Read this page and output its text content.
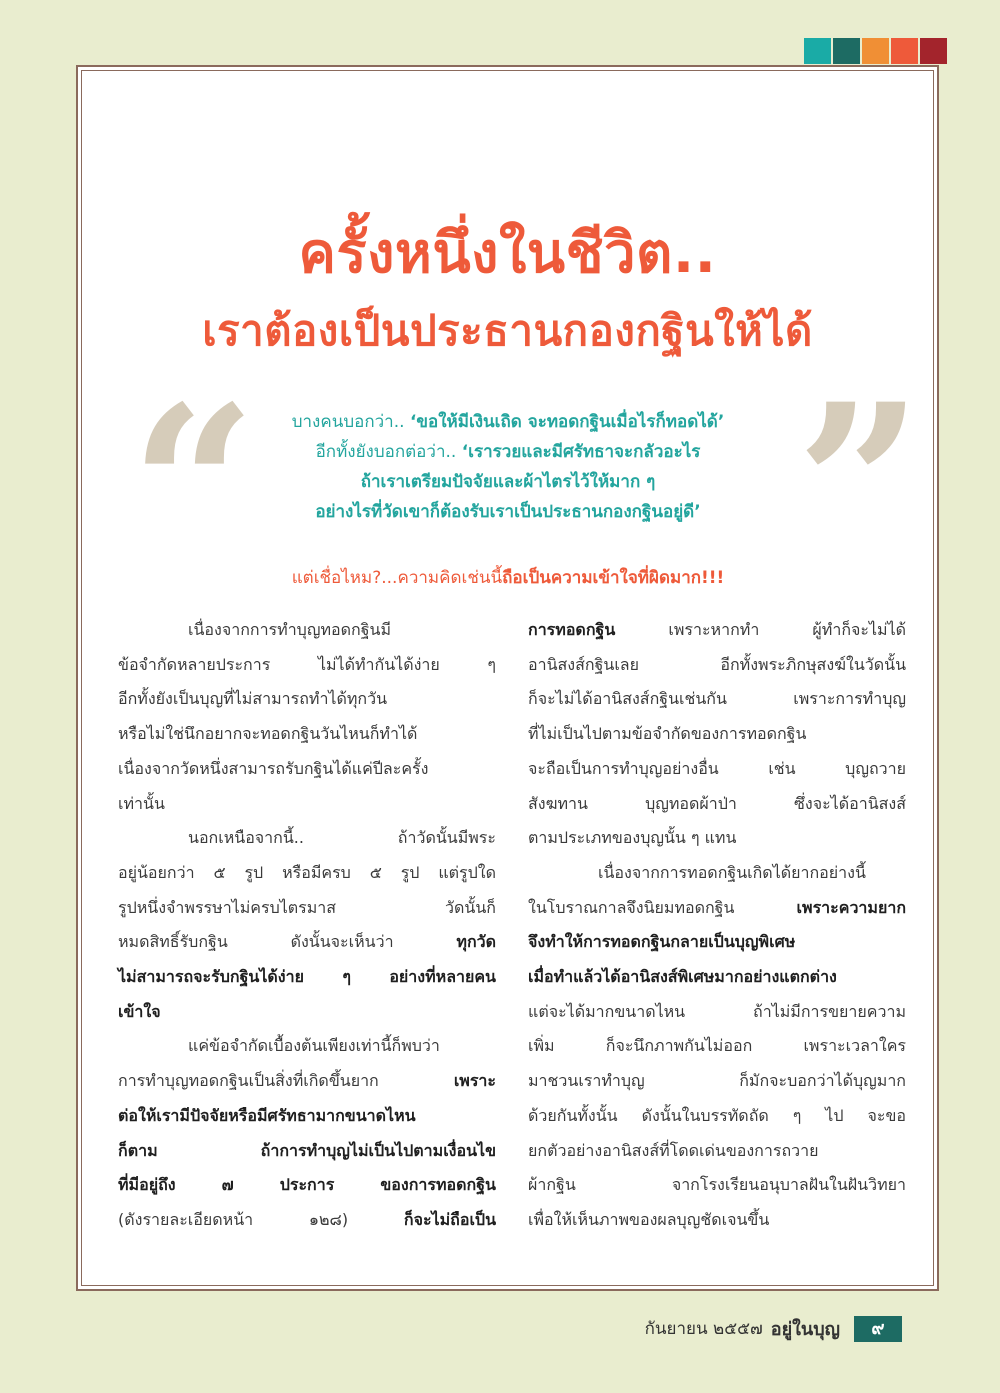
ครั้งหนึ่งในชีวิต..
เราต้องเป็นประธานกองกฐินให้ได้
“ ”

บางคนบอกว่า.. ‘ขอให้มีเงินเถิด จะทอดกฐินเมื่อไรก็ทอดได้’

อีกทั้งยังบอกต่อว่า.. ‘เรารวยและมีศรัทธาจะกลัวอะไร

ถ้าเราเตรียมปัจจัยและผ้าไตรไว้ให้มาก ๆ

อย่างไรที่วัดเขาก็ต้องรับเราเป็นประธานกองกฐินอยู่ดี’

แต่เชื่อไหม?...ความคิดเช่นนี้ถือเป็นความเข้าใจที่ผิดมาก!!!

เนื่องจากการทำบุญทอดกฐินมี
ข้อจำกัดหลายประการ ไม่ได้ทำกันได้ง่าย ๆ
อีกทั้งยังเป็นบุญที่ไม่สามารถทำได้ทุกวัน
หรือไม่ใช่นึกอยากจะทอดกฐินวันไหนก็ทำได้
เนื่องจากวัดหนึ่งสามารถรับกฐินได้แค่ปีละครั้ง
เท่านั้น

นอกเหนือจากนี้.. ถ้าวัดนั้นมีพระ
อยู่น้อยกว่า ๕ รูป หรือมีครบ ๕ รูป แต่รูปใด
รูปหนึ่งจำพรรษาไม่ครบไตรมาส วัดนั้นก็
หมดสิทธิ์รับกฐิน ดังนั้นจะเห็นว่า ทุกวัด
ไม่สามารถจะรับกฐินได้ง่าย ๆ อย่างที่หลายคน
เข้าใจ

แค่ข้อจำกัดเบื้องต้นเพียงเท่านี้ก็พบว่า
การทำบุญทอดกฐินเป็นสิ่งที่เกิดขึ้นยาก เพราะ
ต่อให้เรามีปัจจัยหรือมีศรัทธามากขนาดไหน
ก็ตาม ถ้าการทำบุญไม่เป็นไปตามเงื่อนไข
ที่มีอยู่ถึง ๗ ประการ ของการทอดกฐิน
(ดังรายละเอียดหน้า ๑๒๘) ก็จะไม่ถือเป็น

การทอดกฐิน เพราะหากทำ ผู้ทำก็จะไม่ได้
อานิสงส์กฐินเลย อีกทั้งพระภิกษุสงฆ์ในวัดนั้น
ก็จะไม่ได้อานิสงส์กฐินเช่นกัน เพราะการทำบุญ
ที่ไม่เป็นไปตามข้อจำกัดของการทอดกฐิน
จะถือเป็นการทำบุญอย่างอื่น เช่น บุญถวาย
สังฆทาน บุญทอดผ้าป่า ซึ่งจะได้อานิสงส์
ตามประเภทของบุญนั้น ๆ แทน

เนื่องจากการทอดกฐินเกิดได้ยากอย่างนี้
ในโบราณกาลจึงนิยมทอดกฐิน เพราะความยาก
จึงทำให้การทอดกฐินกลายเป็นบุญพิเศษ
เมื่อทำแล้วได้อานิสงส์พิเศษมากอย่างแตกต่าง
แต่จะได้มากขนาดไหน ถ้าไม่มีการขยายความ
เพิ่ม ก็จะนึกภาพกันไม่ออก เพราะเวลาใคร
มาชวนเราทำบุญ ก็มักจะบอกว่าได้บุญมาก
ด้วยกันทั้งนั้น ดังนั้นในบรรทัดถัด ๆ ไป จะขอ
ยกตัวอย่างอานิสงส์ที่โดดเด่นของการถวาย
ผ้ากฐิน จากโรงเรียนอนุบาลฝันในฝันวิทยา
เพื่อให้เห็นภาพของผลบุญชัดเจนขึ้น

กันยายน ๒๕๕๗ อยู่ในบุญ	๙
